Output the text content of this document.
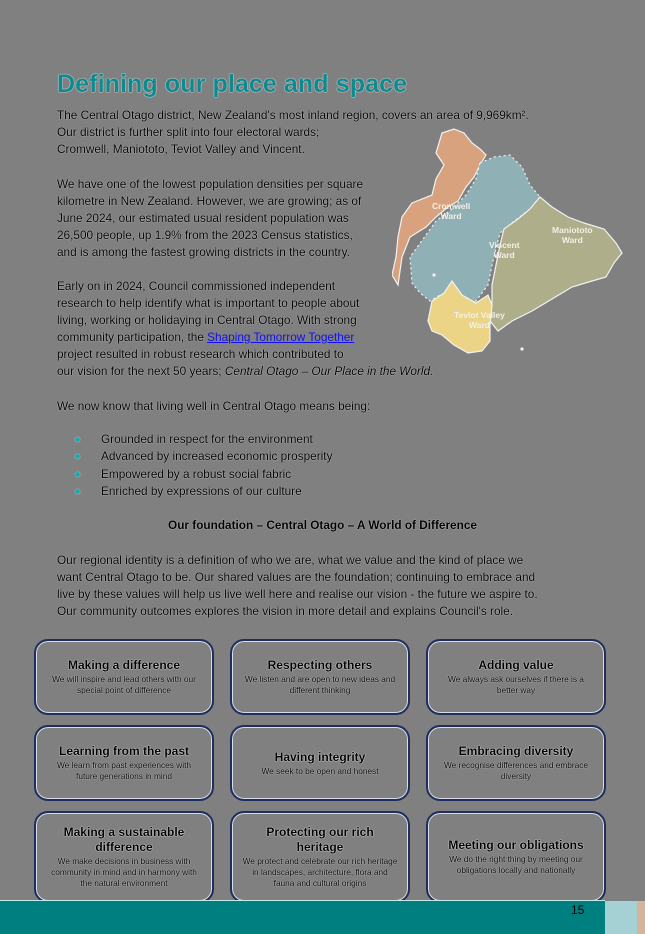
Defining our place and space

The Central Otago district, New Zealand's most inland region, covers an area of 9,969km².
Our district is further split into four electoral wards;
Cromwell, Maniototo, Teviot Valley and Vincent.

We have one of the lowest population densities per square
kilometre in New Zealand. However, we are growing; as of
June 2024, our estimated usual resident population was
26,500 people, up 1.9% from the 2023 Census statistics,
and is among the fastest growing districts in the country.

Early on in 2024, Council commissioned independent
research to help identify what is important to people about
living, working or holidaying in Central Otago. With strong
community participation, the Shaping Tomorrow Together
project resulted in robust research which contributed to
our vision for the next 50 years; Central Otago – Our Place in the World.

Cromwell
Ward
Vincent
Ward
Maniototo
Ward
Teviot Valley
Ward

We now know that living well in Central Otago means being:

Grounded in respect for the environment
Advanced by increased economic prosperity
Empowered by a robust social fabric
Enriched by expressions of our culture

Our foundation – Central Otago – A World of Difference

Our regional identity is a definition of who we are, what we value and the kind of place we
want Central Otago to be. Our shared values are the foundation; continuing to embrace and
live by these values will help us live well here and realise our vision - the future we aspire to.
Our community outcomes explores the vision in more detail and explains Council's role.

Making a difference
We will inspire and lead others with our special point of difference
Respecting others
We listen and are open to new ideas and different thinking
Adding value
We always ask ourselves if there is a better way
Learning from the past
We learn from past experiences with future generations in mind
Having integrity
We seek to be open and honest
Embracing diversity
We recognise differences and embrace diversity
Making a sustainable difference
We make decisions in business with community in mind and in harmony with the natural environment
Protecting our rich heritage
We protect and celebrate our rich heritage in landscapes, architecture, flora and fauna and cultural origins
Meeting our obligations
We do the right thing by meeting our obligations locally and nationally
15
